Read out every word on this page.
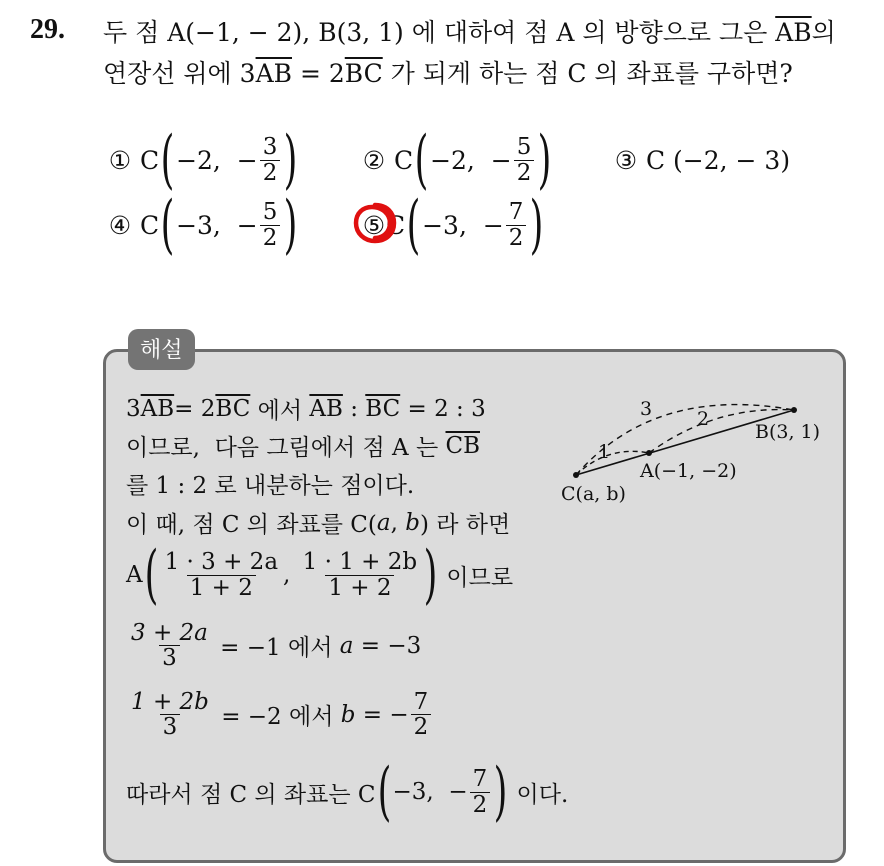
29. 두 점 A(−1, − 2), B(3, 1) 에 대하여 점 A 의 방향으로 그은 $\overline{AB}$의
연장선 위에 $3\overline{AB} = 2\overline{BC}$ 가 되게 하는 점 C 의 좌표를 구하면?
①
C ( −2,
− $\frac{3}{2}$ )	②
C ( −2,
− $\frac{5}{2}$ )	③
C (−2, − 3)
④
C ( −3,
− $\frac{5}{2}$ )	⑤ C ( −3,
− $\frac{7}{2}$ )
해설
3 $\overline{AB} = 2$ $\overline{BC}$ 에서 $\overline{AB}$ : $\overline{BC} = 2$ : 3
이므로,  다음 그림에서 점 A 는 $\overline{CB}$
를 1 : 2 로 내분하는 점이다.
이 때, 점 C 의 좌표를 C( a , b ) 라 하면
A ( $\frac{1 \cdot 3 + 2a}{1 + 2}$ ,
$\frac{1 \cdot 1 + 2b}{1 + 2}$ ) 이므로
$\frac{3 + 2a}{3} = -1$ 에서 a = −3
$\frac{1 + 2b}{3} = -2$ 에서 b = − $\frac{7}{2}$
따라서 점 C 의 좌표는 C ( −3,
− $\frac{7}{2}$ ) 이다.
3 2
1
B(3, 1)
A(−1, −2)
C(a, b)
